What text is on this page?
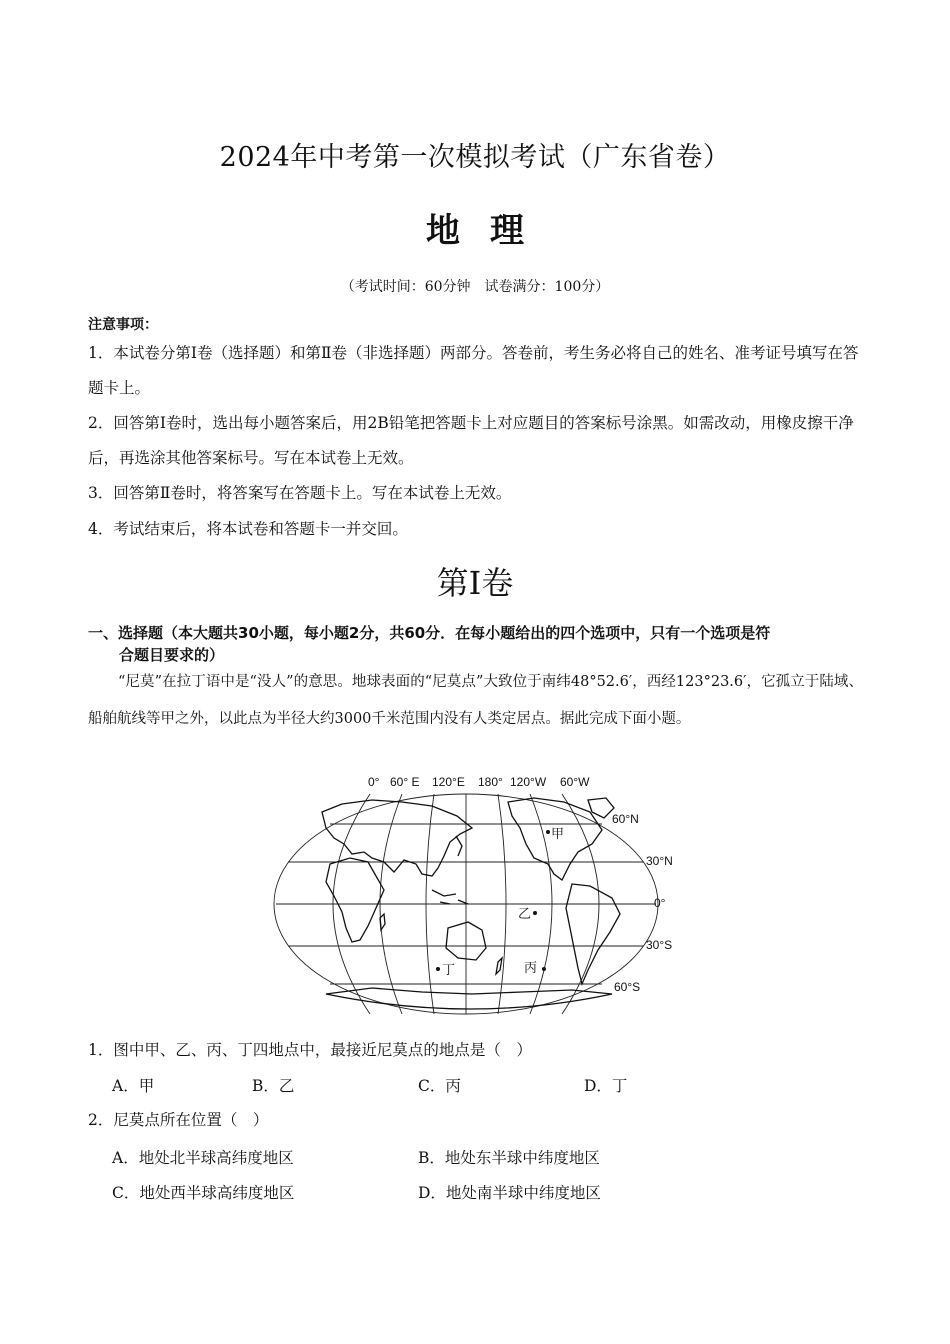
2024年中考第一次模拟考试（广东省卷）
地理
（考试时间：60分钟　试卷满分：100分）
注意事项：
1．本试卷分第Ⅰ卷（选择题）和第Ⅱ卷（非选择题）两部分。答卷前，考生务必将自己的姓名、准考证号填写在答题卡上。
2．回答第Ⅰ卷时，选出每小题答案后，用2B铅笔把答题卡上对应题目的答案标号涂黑。如需改动，用橡皮擦干净后，再选涂其他答案标号。写在本试卷上无效。
3．回答第Ⅱ卷时，将答案写在答题卡上。写在本试卷上无效。
4．考试结束后，将本试卷和答题卡一并交回。
第Ⅰ卷
一、选择题（本大题共30小题，每小题2分，共60分．在每小题给出的四个选项中，只有一个选项是符
合题目要求的）
“尼莫”在拉丁语中是“没人”的意思。地球表面的“尼莫点”大致位于南纬48°52.6′，西经123°23.6′，它孤立于陆域、船舶航线等甲之外，以此点为半径大约3000千米范围内没有人类定居点。据此完成下面小题。
0° 60° E 120°E 180° 120°W 60°W
60°N
30°N
0°
30°S
60°S
甲
乙
丙
丁
1．图中甲、乙、丙、丁四地点中，最接近尼莫点的地点是（　）
A．甲	B．乙	C．丙	D．丁
2．尼莫点所在位置（　）
A．地处北半球高纬度地区	B．地处东半球中纬度地区
C．地处西半球高纬度地区	D．地处南半球中纬度地区
